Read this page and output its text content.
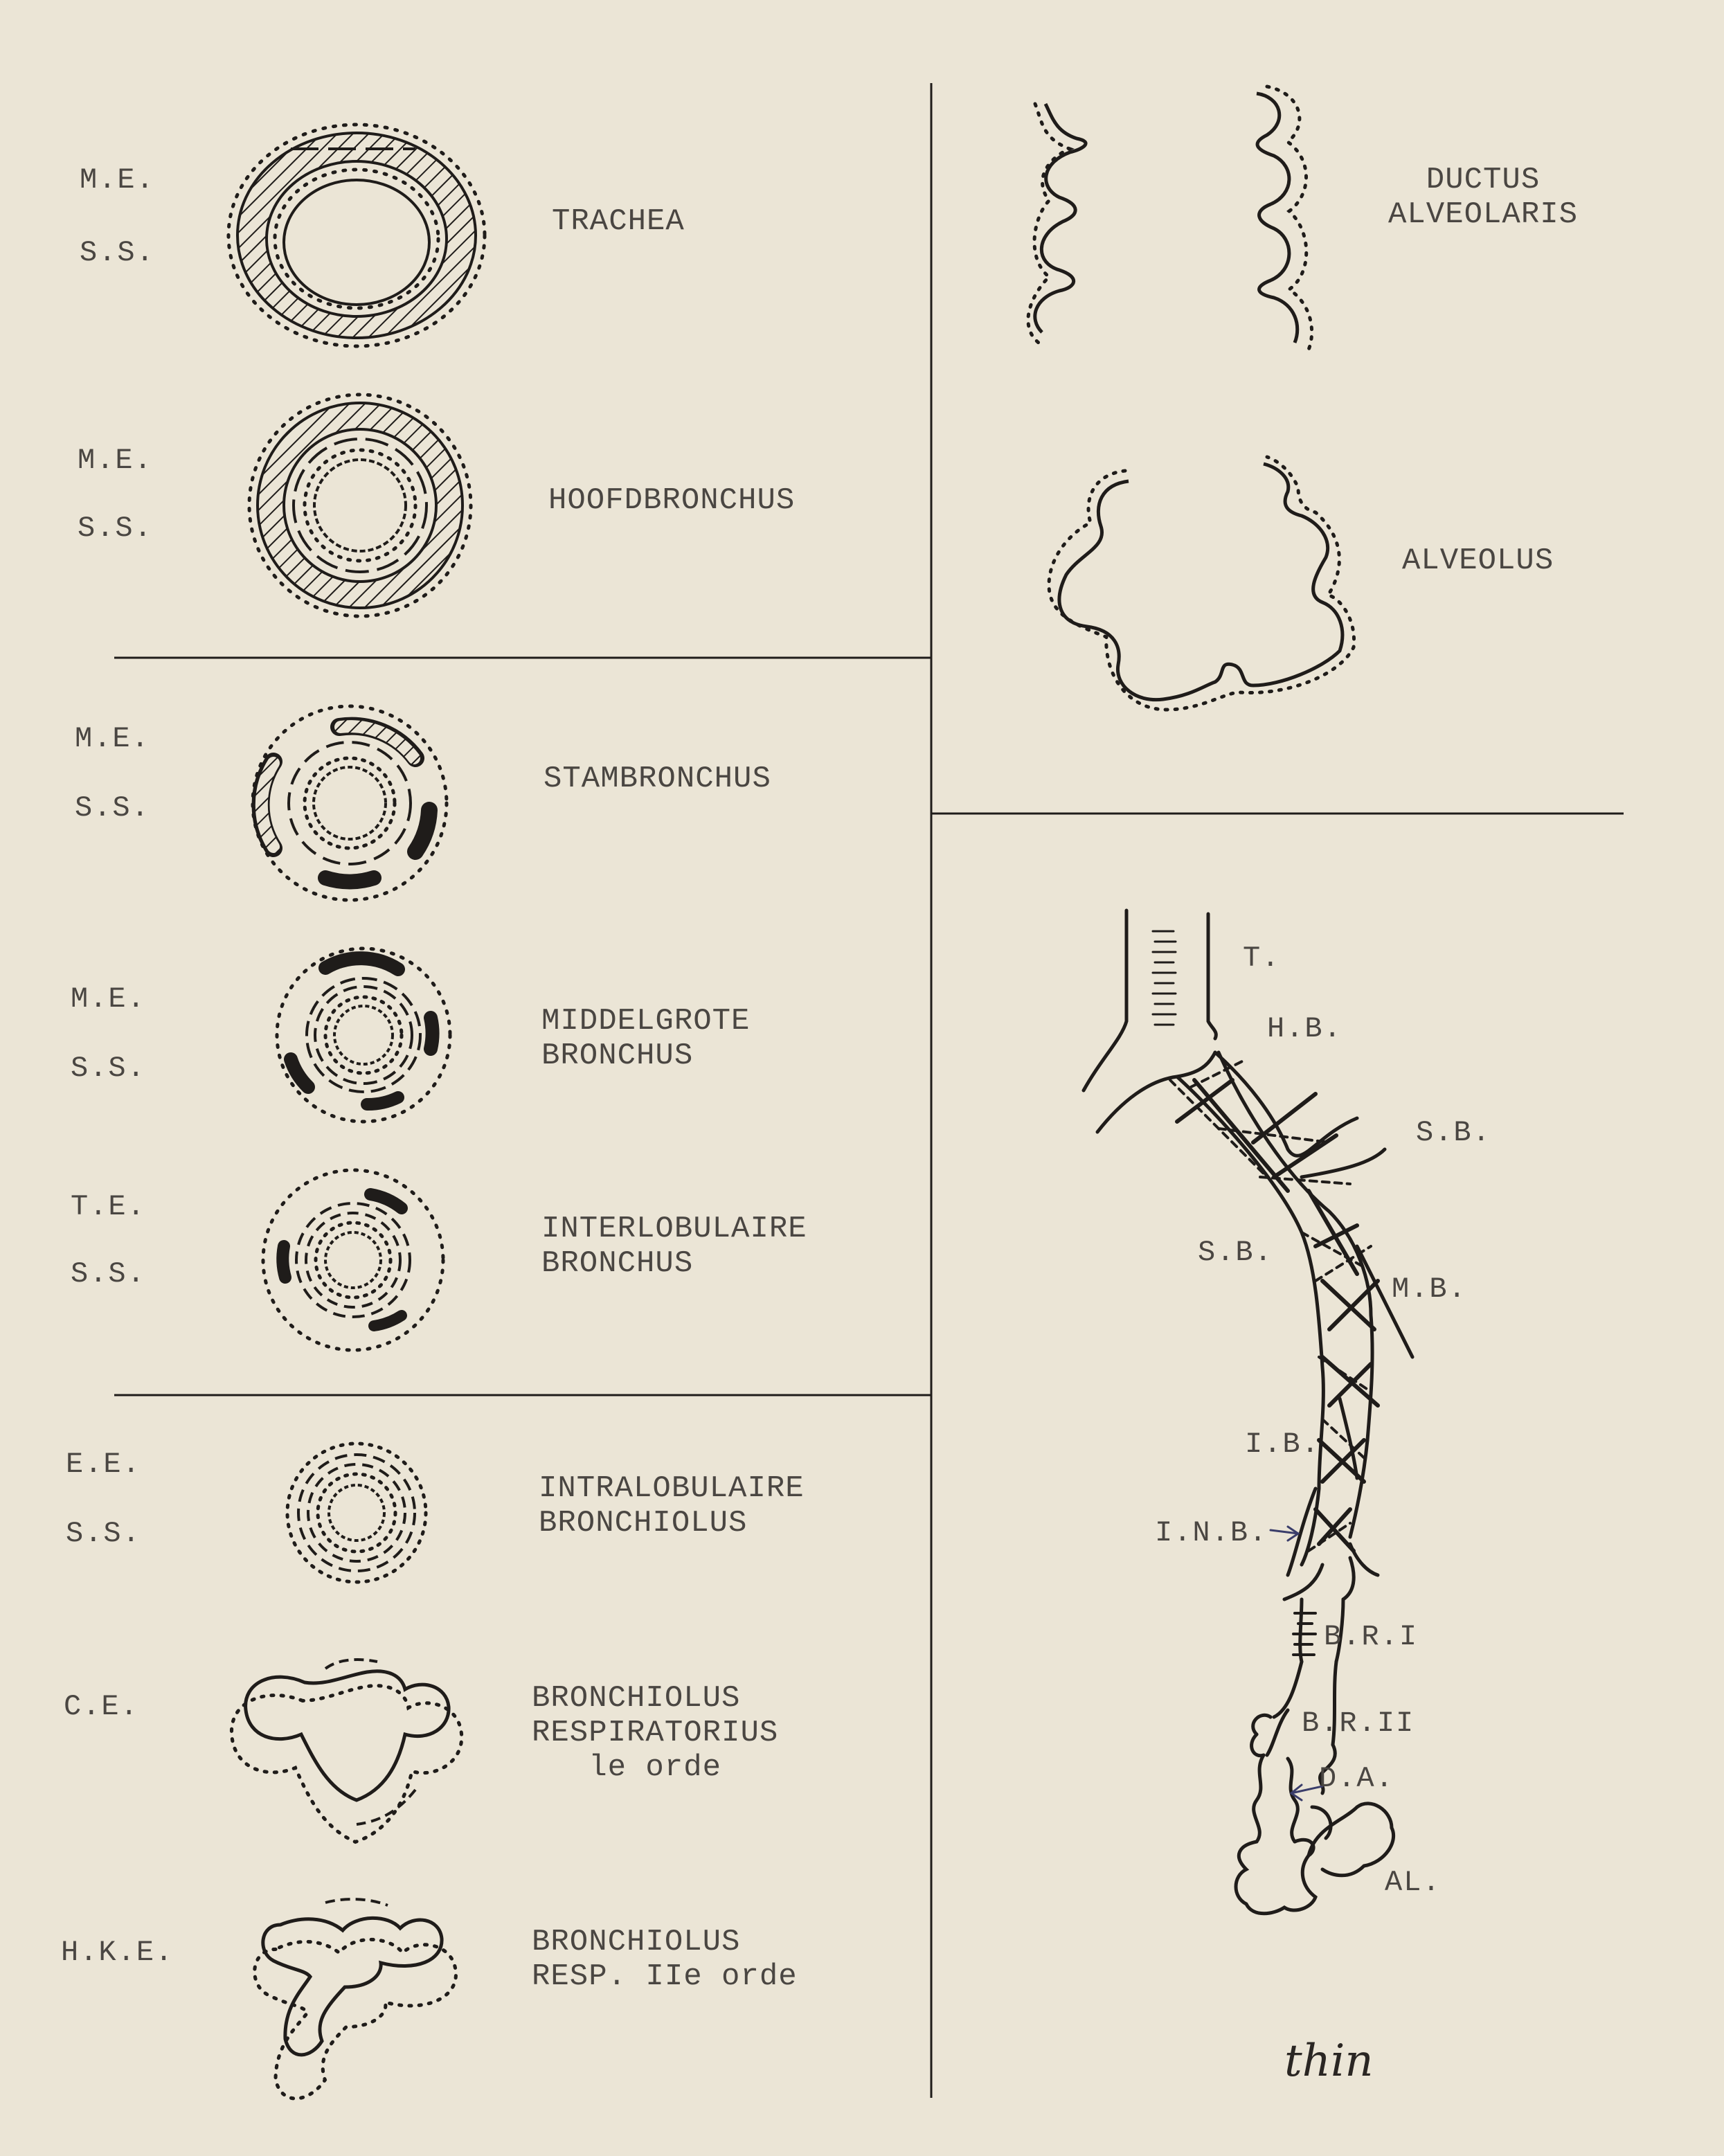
M.E.
S.S.
TRACHEA
M.E.
S.S.
HOOFDBRONCHUS
M.E.
S.S.
STAMBRONCHUS
M.E.
S.S.
MIDDELGROTE
BRONCHUS
T.E.
S.S.
INTERLOBULAIRE
BRONCHUS
E.E.
S.S.
INTRALOBULAIRE
BRONCHIOLUS
C.E.	BRONCHIOLUS
RESPIRATORIUS
le orde
H.K.E.	BRONCHIOLUS
RESP. IIe orde
DUCTUS
ALVEOLARIS
ALVEOLUS
T.
H.B.
S.B.
S.B.
M.B.
I.B.
I.N.B.
B.R.I
B.R.II
D.A.
AL.
thin
